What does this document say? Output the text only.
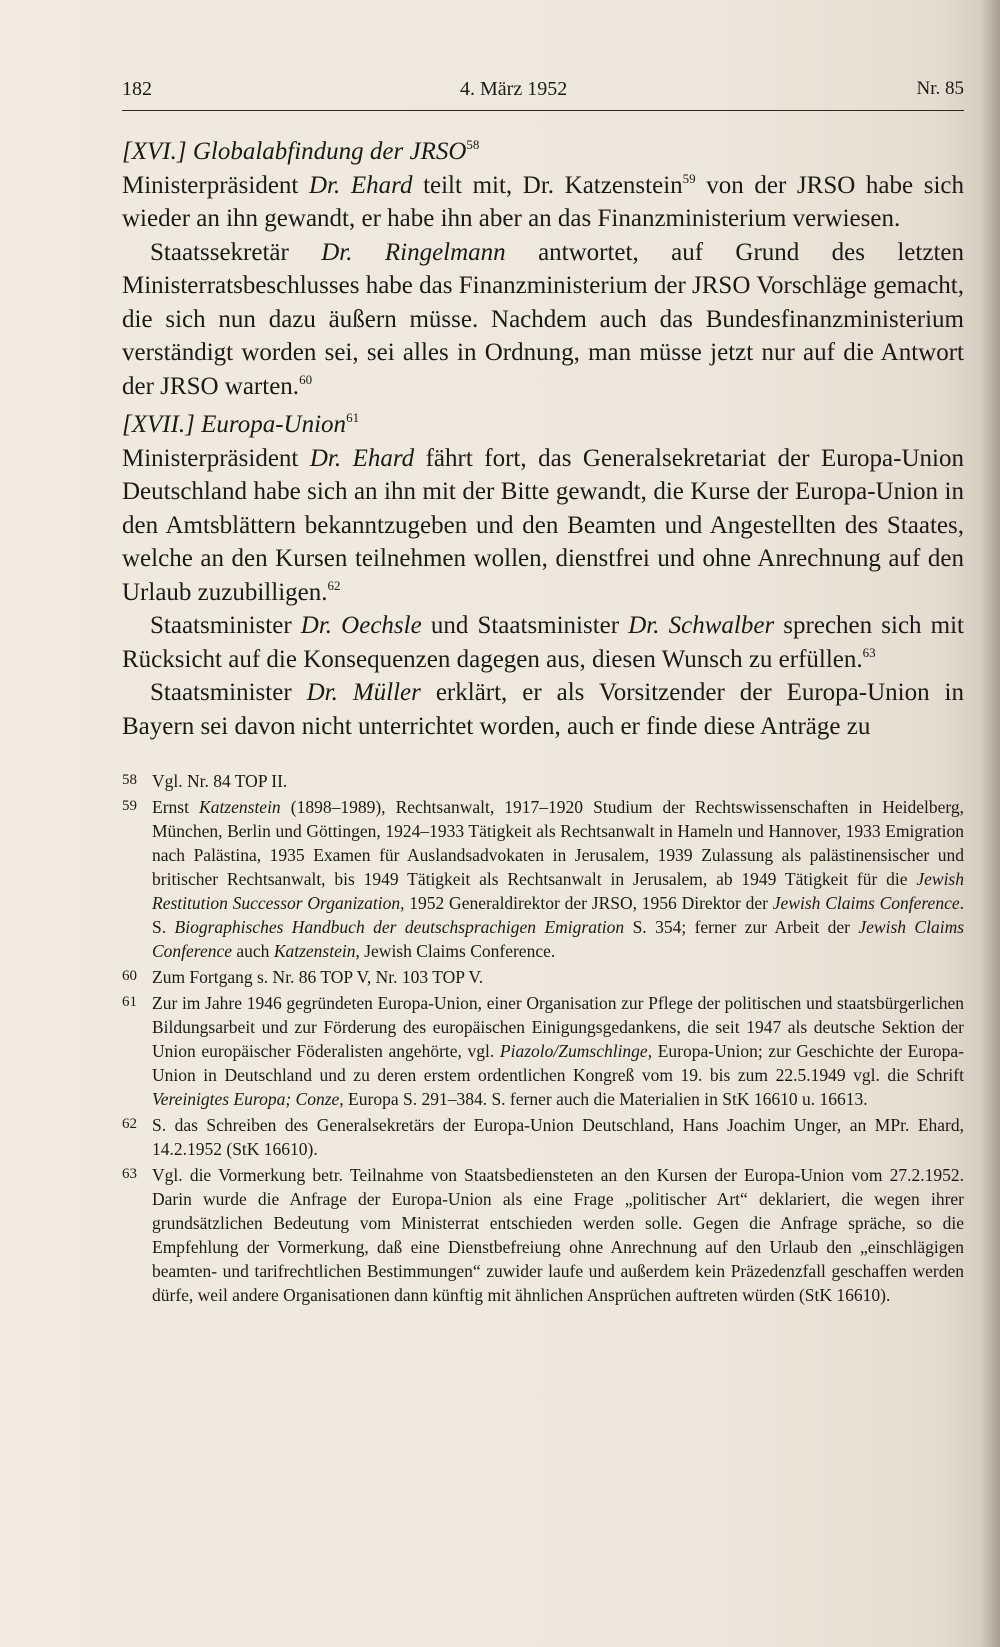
182	4. März 1952	Nr. 85

[XVI.] Globalabfindung der JRSO$^{58}$

Ministerpräsident Dr. Ehard teilt mit, Dr. Katzenstein$^{59}$ von der JRSO habe sich wieder an ihn gewandt, er habe ihn aber an das Finanzministerium verwiesen.

Staatssekretär Dr. Ringelmann antwortet, auf Grund des letzten Ministerratsbeschlusses habe das Finanzministerium der JRSO Vorschläge gemacht, die sich nun dazu äußern müsse. Nachdem auch das Bundesfinanzministerium verständigt worden sei, sei alles in Ordnung, man müsse jetzt nur auf die Antwort der JRSO warten.$^{60}$

[XVII.] Europa-Union$^{61}$

Ministerpräsident Dr. Ehard fährt fort, das Generalsekretariat der Europa-Union Deutschland habe sich an ihn mit der Bitte gewandt, die Kurse der Europa-Union in den Amtsblättern bekanntzugeben und den Beamten und Angestellten des Staates, welche an den Kursen teilnehmen wollen, dienstfrei und ohne Anrechnung auf den Urlaub zuzubilligen.$^{62}$

Staatsminister Dr. Oechsle und Staatsminister Dr. Schwalber sprechen sich mit Rücksicht auf die Konsequenzen dagegen aus, diesen Wunsch zu erfüllen.$^{63}$

Staatsminister Dr. Müller erklärt, er als Vorsitzender der Europa-Union in Bayern sei davon nicht unterrichtet worden, auch er finde diese Anträge zu

58 Vgl. Nr. 84 TOP II.

59 Ernst Katzenstein (1898–1989), Rechtsanwalt, 1917–1920 Studium der Rechtswissenschaften in Heidelberg, München, Berlin und Göttingen, 1924–1933 Tätigkeit als Rechtsanwalt in Hameln und Hannover, 1933 Emigration nach Palästina, 1935 Examen für Auslandsadvokaten in Jerusalem, 1939 Zulassung als palästinensischer und britischer Rechtsanwalt, bis 1949 Tätigkeit als Rechtsanwalt in Jerusalem, ab 1949 Tätigkeit für die Jewish Restitution Successor Organization, 1952 Generaldirektor der JRSO, 1956 Direktor der Jewish Claims Conference. S. Biographisches Handbuch der deutschsprachigen Emigration S. 354; ferner zur Arbeit der Jewish Claims Conference auch Katzenstein, Jewish Claims Conference.

60 Zum Fortgang s. Nr. 86 TOP V, Nr. 103 TOP V.

61 Zur im Jahre 1946 gegründeten Europa-Union, einer Organisation zur Pflege der politischen und staatsbürgerlichen Bildungsarbeit und zur Förderung des europäischen Einigungsgedankens, die seit 1947 als deutsche Sektion der Union europäischer Föderalisten angehörte, vgl. Piazolo/Zumschlinge, Europa-Union; zur Geschichte der Europa-Union in Deutschland und zu deren erstem ordentlichen Kongreß vom 19. bis zum 22.5.1949 vgl. die Schrift Vereinigtes Europa; Conze, Europa S. 291–384. S. ferner auch die Materialien in StK 16610 u. 16613.

62 S. das Schreiben des Generalsekretärs der Europa-Union Deutschland, Hans Joachim Unger, an MPr. Ehard, 14.2.1952 (StK 16610).

63 Vgl. die Vormerkung betr. Teilnahme von Staatsbediensteten an den Kursen der Europa-Union vom 27.2.1952. Darin wurde die Anfrage der Europa-Union als eine Frage „politischer Art“ deklariert, die wegen ihrer grundsätzlichen Bedeutung vom Ministerrat entschieden werden solle. Gegen die Anfrage spräche, so die Empfehlung der Vormerkung, daß eine Dienstbefreiung ohne Anrechnung auf den Urlaub den „einschlägigen beamten- und tarifrechtlichen Bestimmungen“ zuwider laufe und außerdem kein Präzedenzfall geschaffen werden dürfe, weil andere Organisationen dann künftig mit ähnlichen Ansprüchen auftreten würden (StK 16610).
